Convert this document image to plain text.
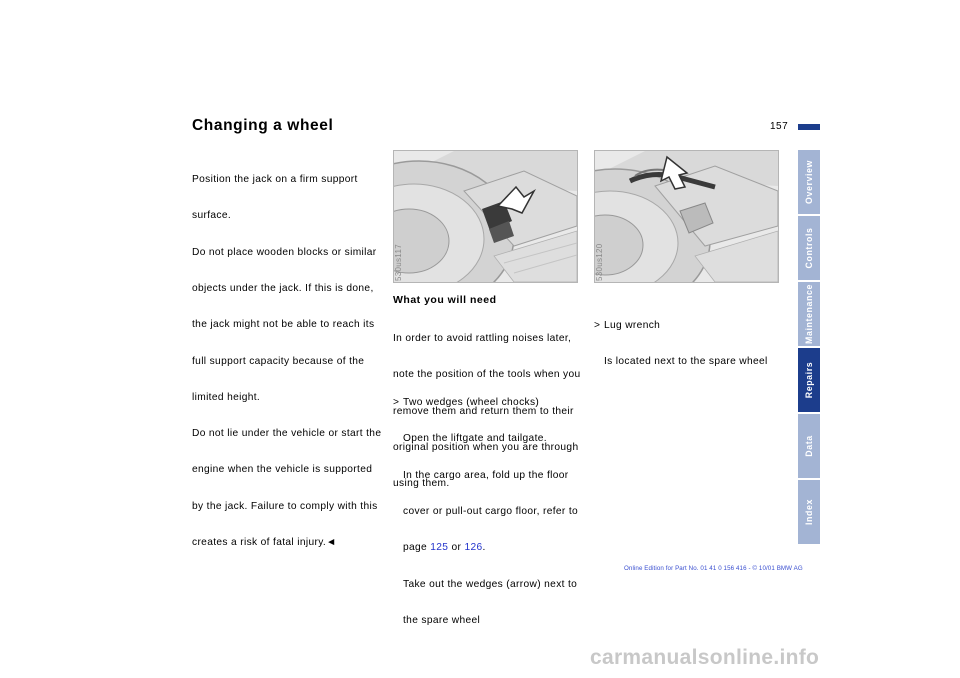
Changing a wheel	157

Position the jack on a firm support

surface.

Do not place wooden blocks or similar

objects under the jack. If this is done,

the jack might not be able to reach its

full support capacity because of the

limited height.

Do not lie under the vehicle or start the

engine when the vehicle is supported

by the jack. Failure to comply with this

creates a risk of fatal injury.◄

530us117	530us120
What you will need

In order to avoid rattling noises later,

note the position of the tools when you

remove them and return them to their

original position when you are through

using them.

> Two wedges (wheel chocks)

Open the liftgate and tailgate.

In the cargo area, fold up the floor

cover or pull-out cargo floor, refer to

page 125 or 126.

Take out the wedges (arrow) next to

the spare wheel

> Lug wrench

Is located next to the spare wheel

Overview
Controls
Maintenance
Repairs
Data
Index
Online Edition for Part No. 01 41 0 156 416 - © 10/01 BMW AG
carmanualsonline.info
